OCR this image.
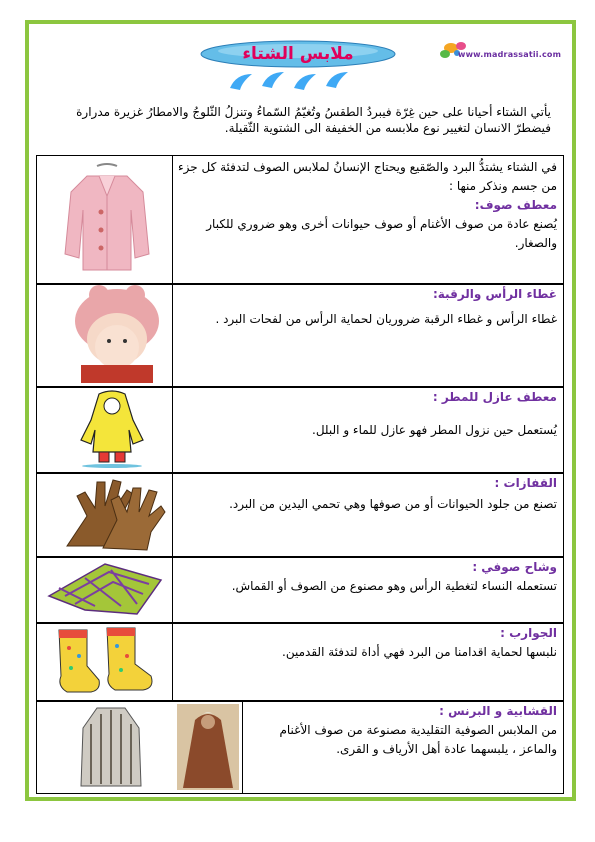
www.madrassatii.com
ملابس الشتاء
يأتي الشتاء أحيانا على حين غِرّة فيبردُ الطقسُ وتُغيّمُ السّماءُ وتنزلُ الثّلوجُ والامطارُ غزيرة مدرارة فيضطرّ الانسان لتغيير نوع ملابسه من الخفيفة الى الشتوية الثّقيلة.
في الشتاء يشتدُّ البرد والصّقيع ويحتاج الإنسانُ لملابس الصوف لتدفئة كل جزء من جسم ونذكر منها :
معطف صوف:
يُصنع عادة من صوف الأغنام أو صوف حيوانات أخرى وهو ضروري للكبار والصغار.
غطاء الرأس والرقبة:
غطاء الرأس و غطاء الرقبة ضروريان لحماية الرأس من لفحات البرد .
معطف عازل للمطر :
يُستعمل حين نزول المطر فهو عازل للماء و البلل.
القفازات :
تصنع من جلود الحيوانات أو من صوفها وهي تحمي اليدين من البرد.
وشاح صوفي :
تستعمله النساء لتغطية الرأس وهو مصنوع من الصوف أو القماش.
الجوارب :
نلبسها لحماية اقدامنا من البرد فهي أداة لتدفئة القدمين.
القشابية و البرنس :
من الملابس الصوفية التقليدية مصنوعة من صوف الأغنام والماعز ، يلبسهما عادة أهل الأرياف و القرى.
